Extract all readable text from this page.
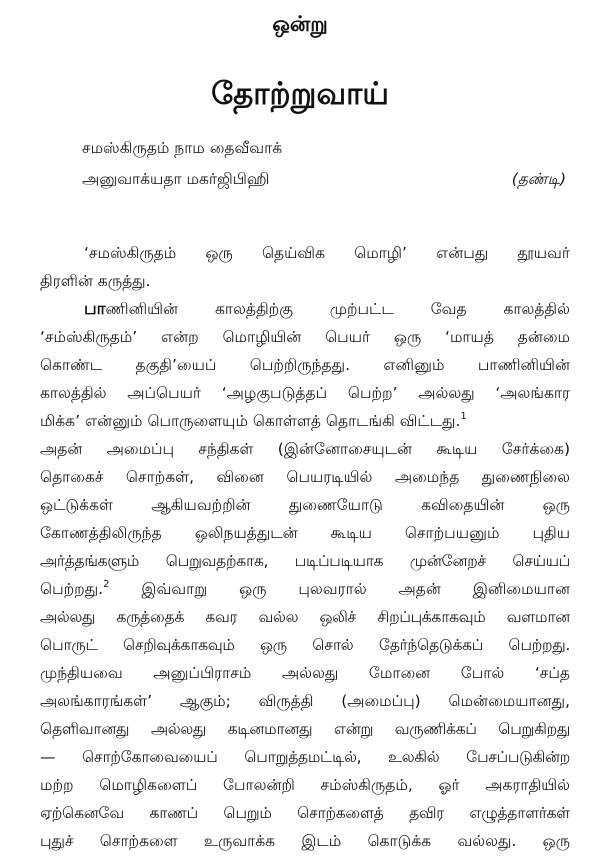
ஒன்று
தோற்றுவாய்
சமஸ்கிருதம் நாம தைவீவாக்
அனுவாக்யதா மகர்ஜிபிஹி	(தண்டி)
‘சமஸ்கிருதம் ஒரு தெய்விக மொழி’ என்பது தூயவர்
திரளின் கருத்து.
பாணினியின் காலத்திற்கு முற்பட்ட வேத காலத்தில்
‘சம்ஸ்கிருதம்’ என்ற மொழியின் பெயர் ஒரு ‘மாயத் தன்மை
கொண்ட தகுதி’யைப் பெற்றிருந்தது. எனினும் பாணினியின்
காலத்தில் அப்பெயர் ‘அழகுபடுத்தப் பெற்ற’ அல்லது ‘அலங்கார
மிக்க’ என்னும் பொருளையும் கொள்ளத் தொடங்கி விட்டது.$^1$
அதன் அமைப்பு சந்திகள் (இன்னோசையுடன் கூடிய சேர்க்கை)
தொகைச் சொற்கள், வினை பெயரடியில் அமைந்த துணைநிலை
ஒட்டுக்கள் ஆகியவற்றின் துணையோடு கவிதையின் ஒரு
கோணத்திலிருந்த ஒலிநயத்துடன் கூடிய சொற்பயனும் புதிய
அர்த்தங்களும் பெறுவதற்காக, படிப்படியாக முன்னேறச் செய்யப்
பெற்றது.$^2$ இவ்வாறு ஒரு புலவரால் அதன் இனிமையான
அல்லது கருத்தைக் கவர வல்ல ஒலிச் சிறப்புக்காகவும் வளமான
பொருட் செறிவுக்காகவும் ஒரு சொல் தேர்ந்தெடுக்கப் பெற்றது.
முந்தியவை அனுப்பிராசம் அல்லது மோனை போல் ‘சப்த
அலங்காரங்கள்’ ஆகும்; விருத்தி (அமைப்பு) மென்மையானது,
தெளிவானது அல்லது கடினமானது என்று வருணிக்கப் பெறுகிறது
— சொற்கோவையைப் பொறுத்தமட்டில், உலகில் பேசப்படுகின்ற
மற்ற மொழிகளைப் போலன்றி சம்ஸ்கிருதம், ஓர் அகராதியில்
ஏற்கெனவே காணப் பெறும் சொற்களைத் தவிர எழுத்தாளர்கள்
புதுச் சொற்களை உருவாக்க இடம் கொடுக்க வல்லது. ஒரு
